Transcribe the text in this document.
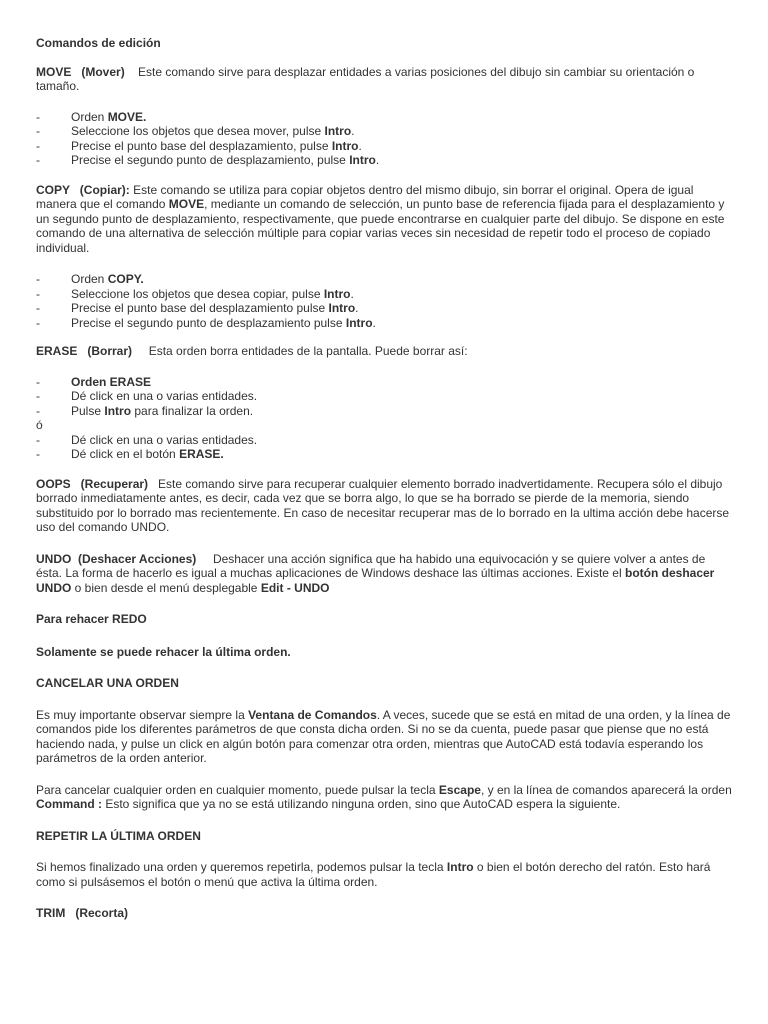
Comandos de edición

MOVE (Mover)    Este comando sirve para desplazar entidades a varias posiciones del dibujo sin cambiar su orientación o tamaño.

-	Orden MOVE.
-	Seleccione los objetos que desea mover, pulse Intro.
-	Precise el punto base del desplazamiento, pulse Intro.
-	Precise el segundo punto de desplazamiento, pulse Intro.

COPY   (Copiar): Este comando se utiliza para copiar objetos dentro del mismo dibujo, sin borrar el original. Opera de igual manera que el comando MOVE, mediante un comando de selección, un punto base de referencia fijada para el desplazamiento y un segundo punto de desplazamiento, respectivamente, que puede encontrarse en cualquier parte del dibujo. Se dispone en este comando de una alternativa de selección múltiple para copiar varias veces sin necesidad de repetir todo el proceso de copiado individual.

-	Orden COPY.
-	Seleccione los objetos que desea copiar, pulse Intro.
-	Precise el punto base del desplazamiento pulse Intro.
-	Precise el segundo punto de desplazamiento pulse Intro.

ERASE   (Borrar)     Esta orden borra entidades de la pantalla. Puede borrar así:

-	Orden ERASE
-	Dé click en una o varias entidades.
-	Pulse Intro para finalizar la orden.
ó
-	Dé click en una o varias entidades.
-	Dé click en el botón ERASE.

OOPS   (Recuperar)   Este comando sirve para recuperar cualquier elemento borrado inadvertidamente. Recupera sólo el dibujo borrado inmediatamente antes, es decir, cada vez que se borra algo, lo que se ha borrado se pierde de la memoria, siendo substituido por lo borrado mas recientemente. En caso de necesitar recuperar mas de lo borrado en la ultima acción debe hacerse uso del comando UNDO.

UNDO  (Deshacer Acciones)     Deshacer una acción significa que ha habido una equivocación y se quiere volver a antes de ésta. La forma de hacerlo es igual a muchas aplicaciones de Windows deshace las últimas acciones. Existe el botón deshacer UNDO o bien desde el menú desplegable Edit - UNDO

Para rehacer REDO

Solamente se puede rehacer la última orden.

CANCELAR UNA ORDEN

Es muy importante observar siempre la Ventana de Comandos. A veces, sucede que se está en mitad de una orden, y la línea de comandos pide los diferentes parámetros de que consta dicha orden. Si no se da cuenta, puede pasar que piense que no está haciendo nada, y pulse un click en algún botón para comenzar otra orden, mientras que AutoCAD está todavía esperando los parámetros de la orden anterior.

Para cancelar cualquier orden en cualquier momento, puede pulsar la tecla Escape, y en la línea de comandos aparecerá la orden Command : Esto significa que ya no se está utilizando ninguna orden, sino que AutoCAD espera la siguiente.

REPETIR LA ÚLTIMA ORDEN

Si hemos finalizado una orden y queremos repetirla, podemos pulsar la tecla Intro o bien el botón derecho del ratón. Esto hará como si pulsásemos el botón o menú que activa la última orden.

TRIM   (Recorta)
